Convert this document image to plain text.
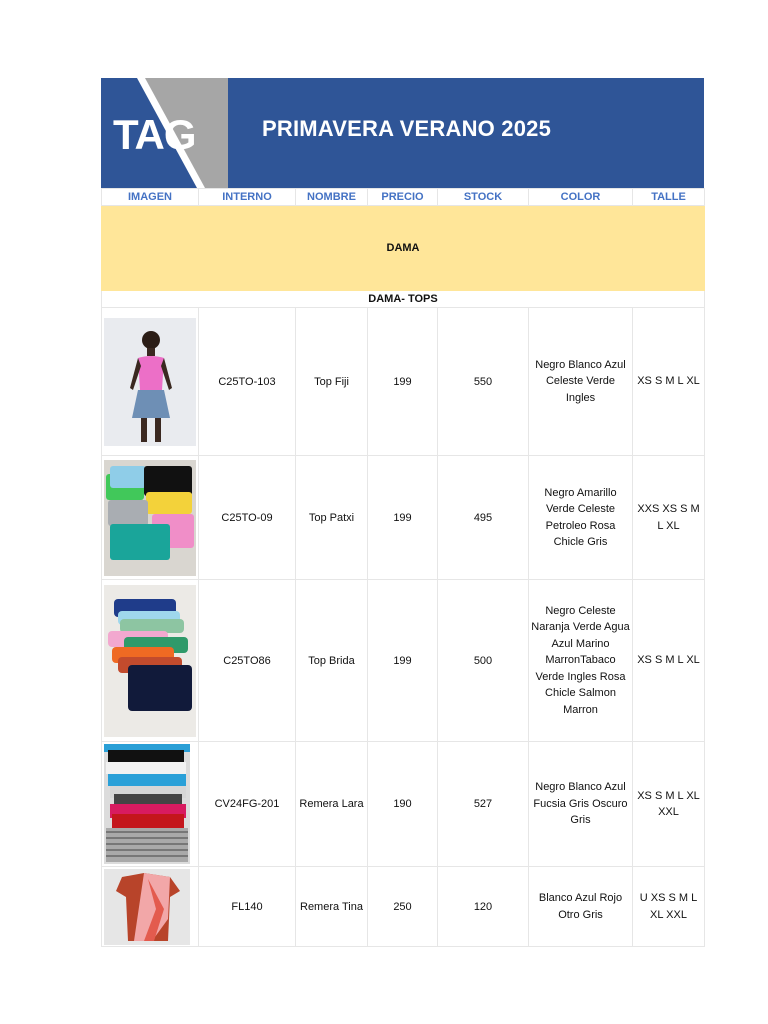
TAG	PRIMAVERA VERANO 2025
IMAGEN	INTERNO	NOMBRE	PRECIO	STOCK	COLOR	TALLE
DAMA						
DAMA- TOPS						

	C25TO-103	Top Fiji	199	550	Negro Blanco Azul Celeste Verde Ingles	XS S M L XL

	C25TO-09	Top Patxi	199	495	Negro Amarillo Verde Celeste Petroleo Rosa Chicle Gris	XXS XS S M L XL

	C25TO86	Top Brida	199	500	Negro Celeste Naranja Verde Agua Azul Marino MarronTabaco Verde Ingles Rosa Chicle Salmon Marron	XS S M L XL

	CV24FG-201	Remera Lara	190	527	Negro Blanco Azul Fucsia Gris Oscuro Gris	XS S M L XL XXL

	FL140	Remera Tina	250	120	Blanco Azul Rojo Otro Gris	U XS S M L XL XXL
